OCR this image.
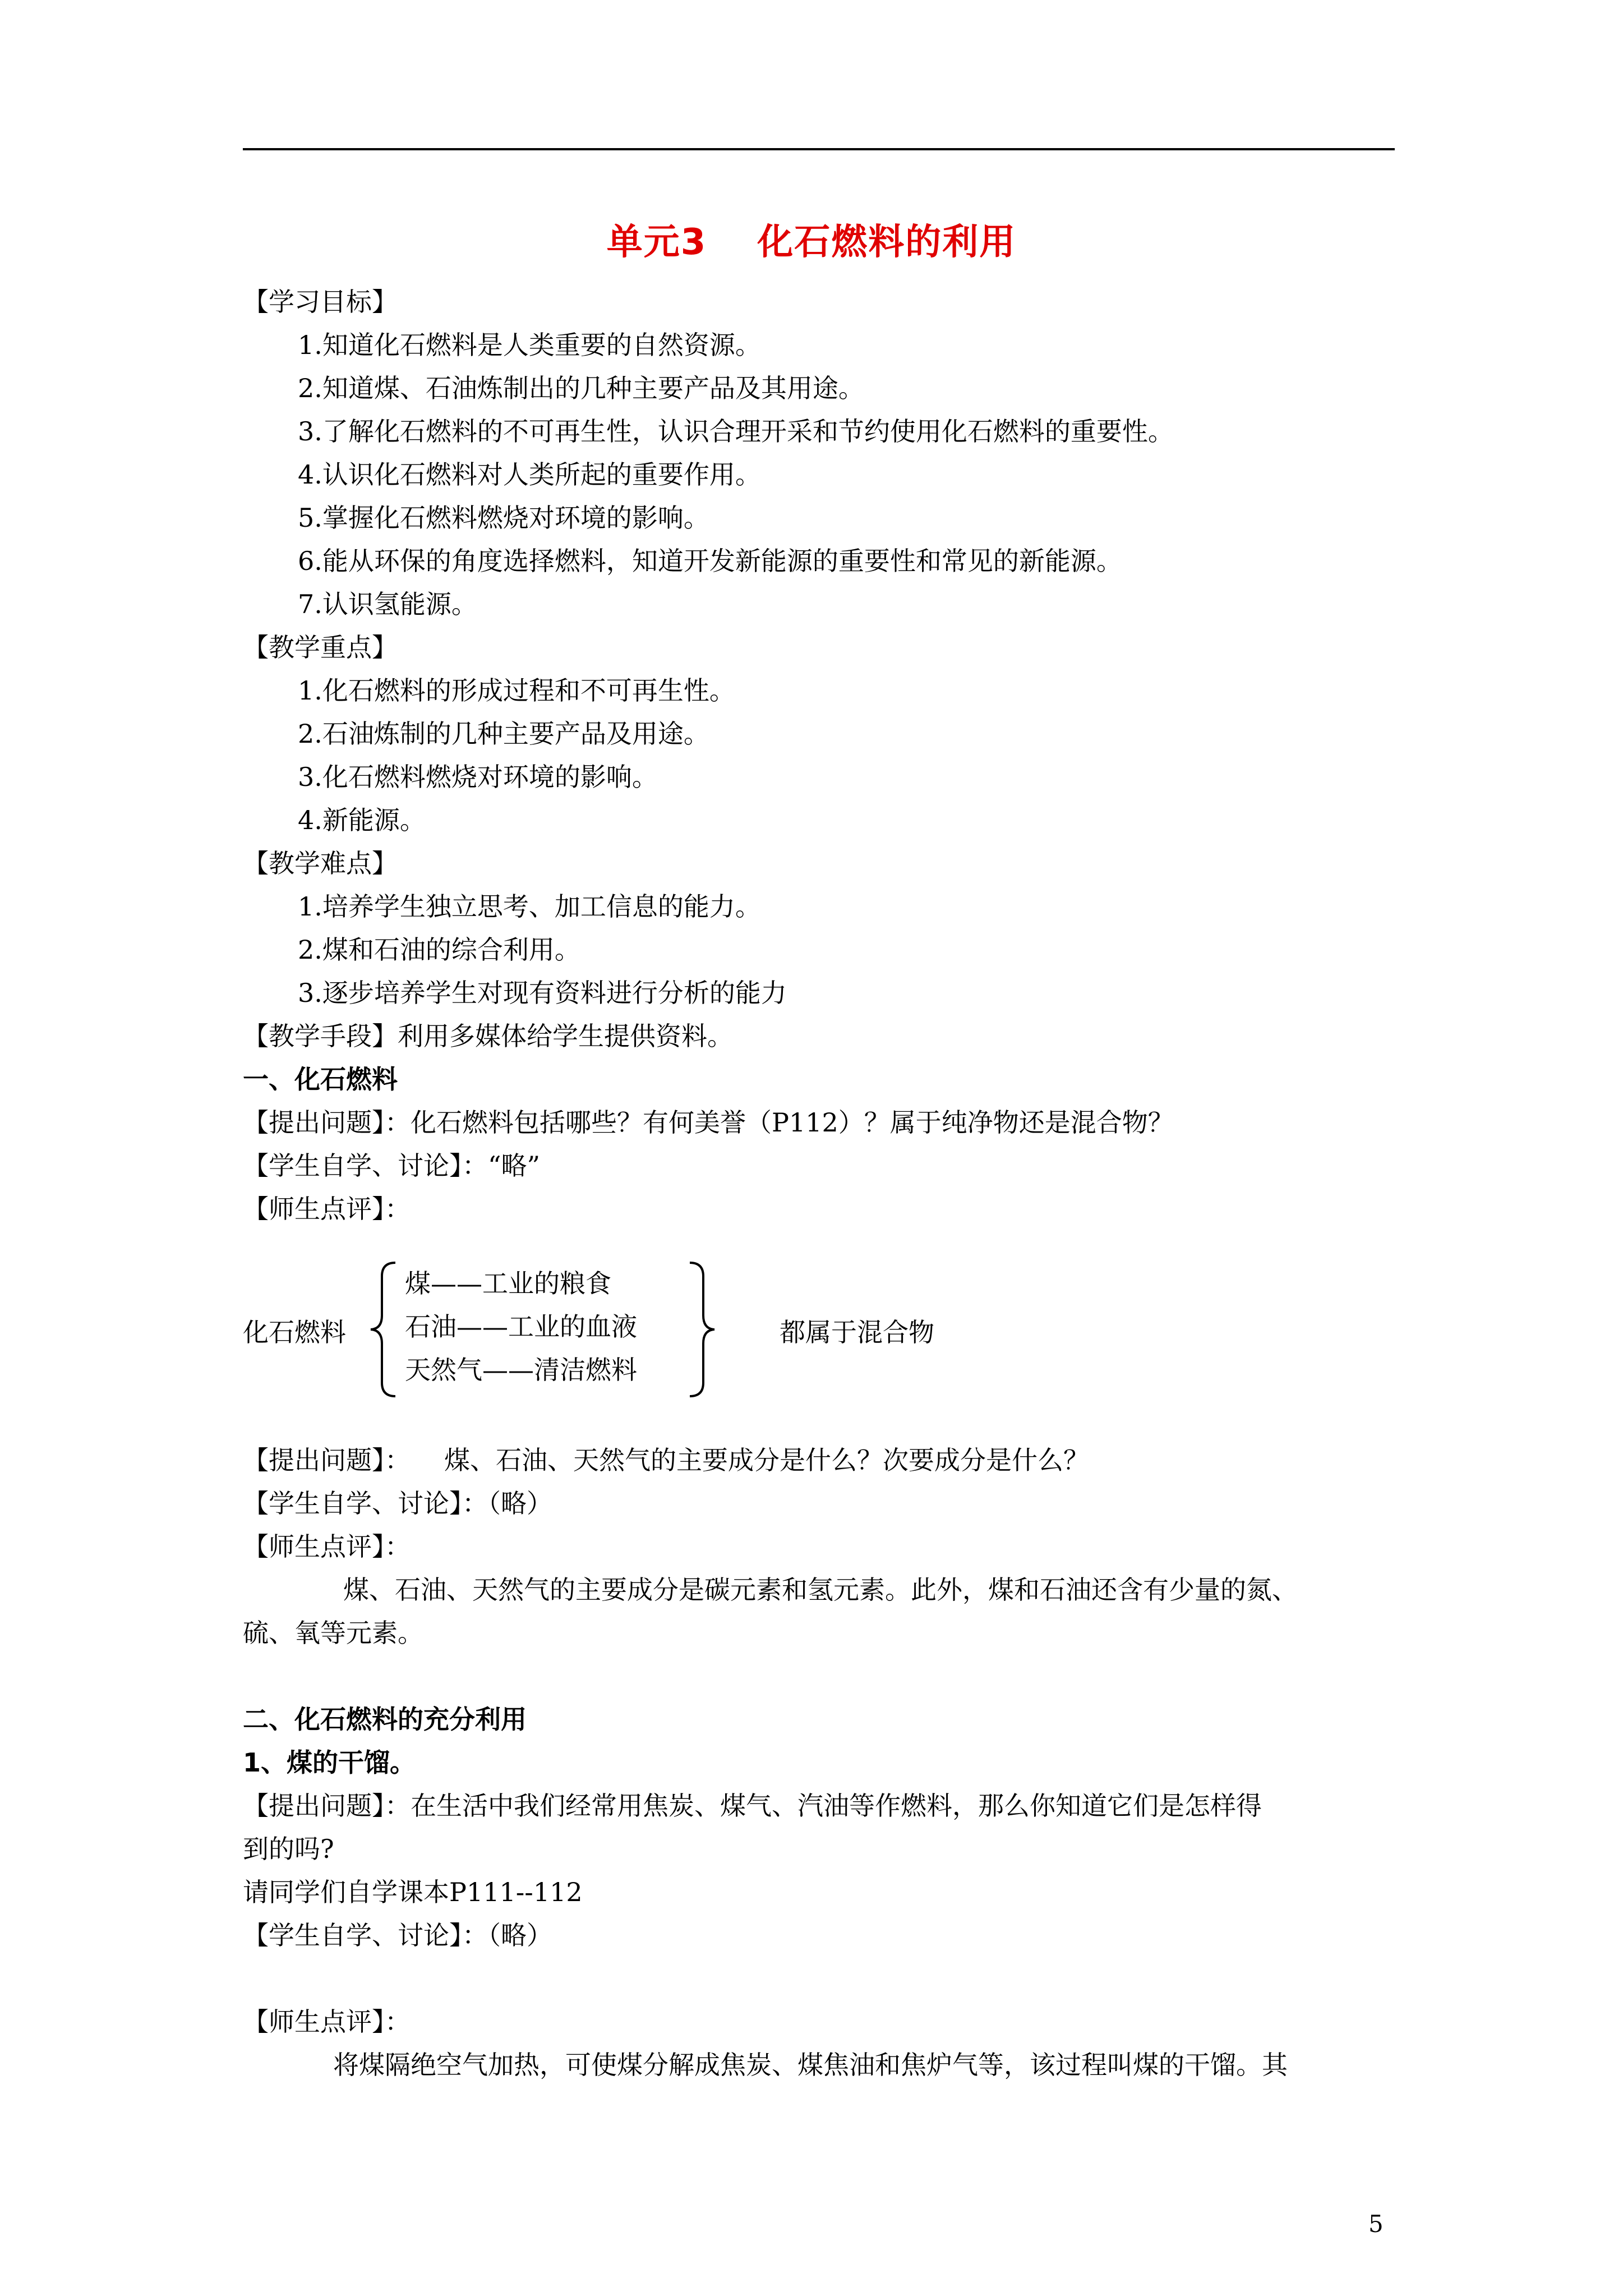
单元3 化石燃料的利用
【学习目标】
1.知道化石燃料是人类重要的自然资源。
2.知道煤、石油炼制出的几种主要产品及其用途。
3.了解化石燃料的不可再生性，认识合理开采和节约使用化石燃料的重要性。
4.认识化石燃料对人类所起的重要作用。
5.掌握化石燃料燃烧对环境的影响。
6.能从环保的角度选择燃料，知道开发新能源的重要性和常见的新能源。
7.认识氢能源。
【教学重点】
1.化石燃料的形成过程和不可再生性。
2.石油炼制的几种主要产品及用途。
3.化石燃料燃烧对环境的影响。
4.新能源。
【教学难点】
1.培养学生独立思考、加工信息的能力。
2.煤和石油的综合利用。
3.逐步培养学生对现有资料进行分析的能力
【教学手段】利用多媒体给学生提供资料。
一、化石燃料
【提出问题】：化石燃料包括哪些？有何美誉（P112）？属于纯净物还是混合物？
【学生自学、讨论】：“略”
【师生点评】：
化石燃料
煤——工业的粮食
石油——工业的血液
天然气——清洁燃料
都属于混合物
【提出问题】： 煤、石油、天然气的主要成分是什么？次要成分是什么？
【学生自学、讨论】：（略）
【师生点评】：
煤、石油、天然气的主要成分是碳元素和氢元素。此外，煤和石油还含有少量的氮、
硫、氧等元素。
二、化石燃料的充分利用
1、煤的干馏。
【提出问题】：在生活中我们经常用焦炭、煤气、汽油等作燃料，那么你知道它们是怎样得
到的吗?
请同学们自学课本P111--112
【学生自学、讨论】：（略）
【师生点评】：
将煤隔绝空气加热，可使煤分解成焦炭、煤焦油和焦炉气等，该过程叫煤的干馏。其
5
